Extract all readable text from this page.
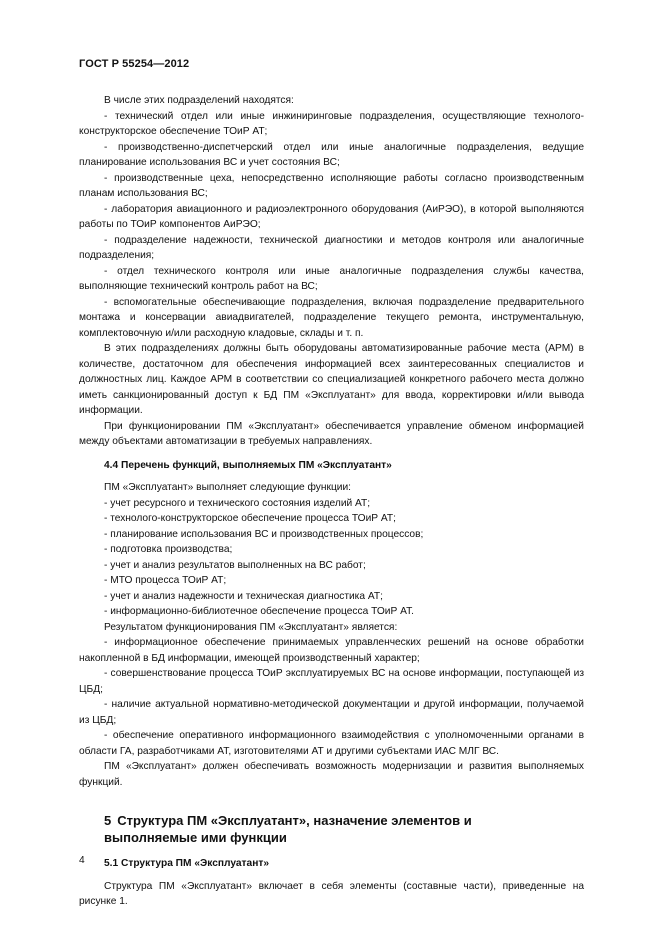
ГОСТ Р 55254—2012

В числе этих подразделений находятся:

- технический отдел или иные инжиниринговые подразделения, осуществляющие технолого-конструкторское обеспечение ТОиР АТ;

- производственно-диспетчерский отдел или иные аналогичные подразделения, ведущие планирование использования ВС и учет состояния ВС;

- производственные цеха, непосредственно исполняющие работы согласно производственным планам использования ВС;

- лаборатория авиационного и радиоэлектронного оборудования (АиРЭО), в которой выполняются работы по ТОиР компонентов АиРЭО;

- подразделение надежности, технической диагностики и методов контроля или аналогичные подразделения;

- отдел технического контроля или иные аналогичные подразделения службы качества, выполняющие технический контроль работ на ВС;

- вспомогательные обеспечивающие подразделения, включая подразделение предварительного монтажа и консервации авиадвигателей, подразделение текущего ремонта, инструментальную, комплектовочную и/или расходную кладовые, склады и т. п.

В этих подразделениях должны быть оборудованы автоматизированные рабочие места (АРМ) в количестве, достаточном для обеспечения информацией всех заинтересованных специалистов и должностных лиц. Каждое АРМ в соответствии со специализацией конкретного рабочего места должно иметь санкционированный доступ к БД ПМ «Эксплуатант» для ввода, корректировки и/или вывода информации.

При функционировании ПМ «Эксплуатант» обеспечивается управление обменом информацией между объектами автоматизации в требуемых направлениях.

4.4 Перечень функций, выполняемых ПМ «Эксплуатант»

ПМ «Эксплуатант» выполняет следующие функции:

- учет ресурсного и технического состояния изделий АТ;

- технолого-конструкторское обеспечение процесса ТОиР АТ;

- планирование использования ВС и производственных процессов;

- подготовка производства;

- учет и анализ результатов выполненных на ВС работ;

- МТО процесса ТОиР АТ;

- учет и анализ надежности и техническая диагностика АТ;

- информационно-библиотечное обеспечение процесса ТОиР АТ.

Результатом функционирования ПМ «Эксплуатант» является:

- информационное обеспечение принимаемых управленческих решений на основе обработки накопленной в БД информации, имеющей производственный характер;

- совершенствование процесса ТОиР эксплуатируемых ВС на основе информации, поступающей из ЦБД;

- наличие актуальной нормативно-методической документации и другой информации, получаемой из ЦБД;

- обеспечение оперативного информационного взаимодействия с уполномоченными органами в области ГА, разработчиками АТ, изготовителями АТ и другими субъектами ИАС МЛГ ВС.

ПМ «Эксплуатант» должен обеспечивать возможность модернизации и развития выполняемых функций.

5 Структура ПМ «Эксплуатант», назначение элементов и выполняемые ими функции
5.1 Структура ПМ «Эксплуатант»

Структура ПМ «Эксплуатант» включает в себя элементы (составные части), приведенные на рисунке 1.

4
